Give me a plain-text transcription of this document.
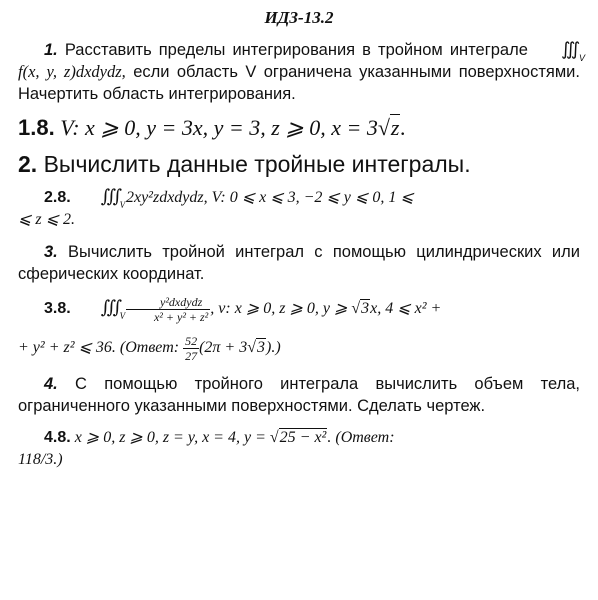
ИДЗ-13.2
1. Расставить пределы интегрирования в тройном интеграле ∭
V
f(x, y, z)dxdydz, если область V ограничена указанными поверхностями. Начертить область интегрирования.
1.8. V: x ⩾ 0, y = 3x, y = 3, z ⩾ 0, x = 3√z.
2. Вычислить данные тройные интегралы.
2.8. ∭
V 2xy²zdxdydz, V: 0 ⩽ x ⩽ 3, −2 ⩽ y ⩽ 0, 1 ⩽
⩽ z ⩽ 2.
3. Вычислить тройной интеграл с помощью цилиндрических или сферических координат.
3.8. ∭
V
$\frac{\text{y²dxdydz}}{\text{x² + y² + z²}}$ , v: x ⩾ 0, z ⩾ 0, y ⩾ √3x, 4 ⩽ x² +
+ y² + z² ⩽ 36. (Ответ: $\frac{52}{27} (2\pi + 3√3)$.)
4. С помощью тройного интеграла вычислить объем тела, ограниченного указанными поверхностями. Сделать чертеж.
4.8. x ⩾ 0, z ⩾ 0, z = y, x = 4, y = √25 − x². (Ответ:
118/3.)
